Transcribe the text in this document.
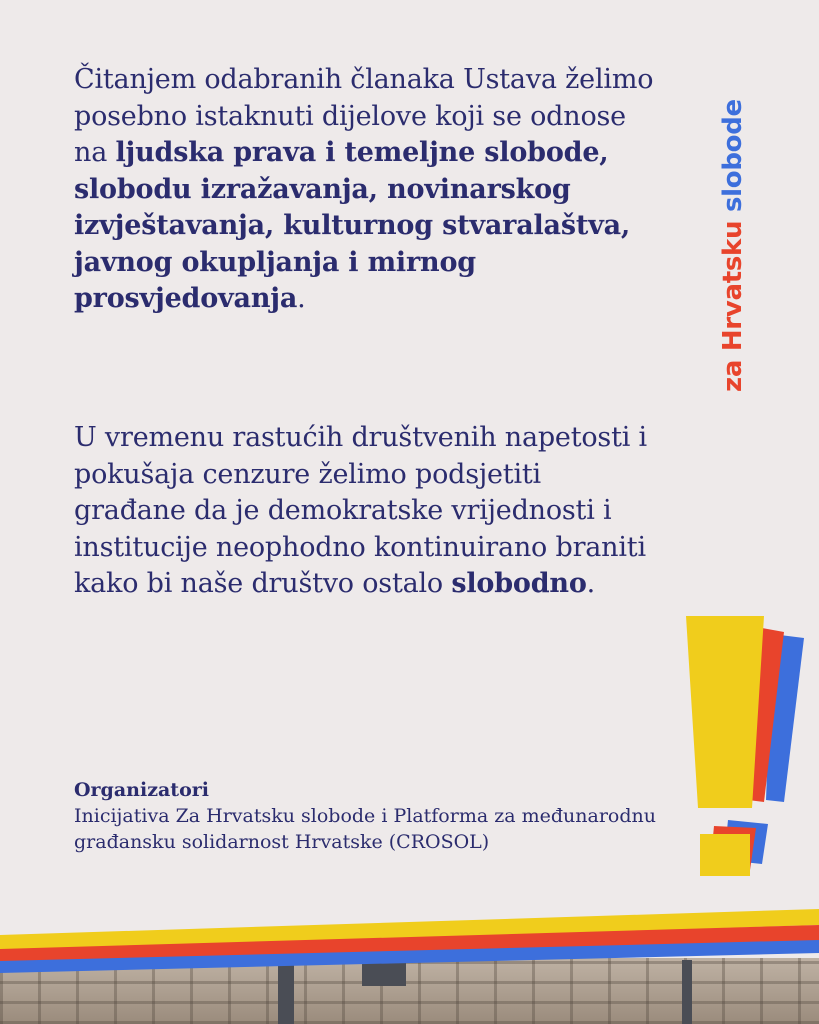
Čitanjem odabranih članaka Ustava želimo posebno istaknuti dijelove koji se odnose na ljudska prava i temeljne slobode, slobodu izražavanja, novinarskog izvještavanja, kulturnog stvaralaštva, javnog okupljanja i mirnog prosvjedovanja.
U vremenu rastućih društvenih napetosti i pokušaja cenzure želimo podsjetiti građane da je demokratske vrijednosti i institucije neophodno kontinuirano braniti kako bi naše društvo ostalo slobodno.
Organizatori
Inicijativa Za Hrvatsku slobode i Platforma za međunarodnu građansku solidarnost Hrvatske (CROSOL)
za Hrvatsku slobode
